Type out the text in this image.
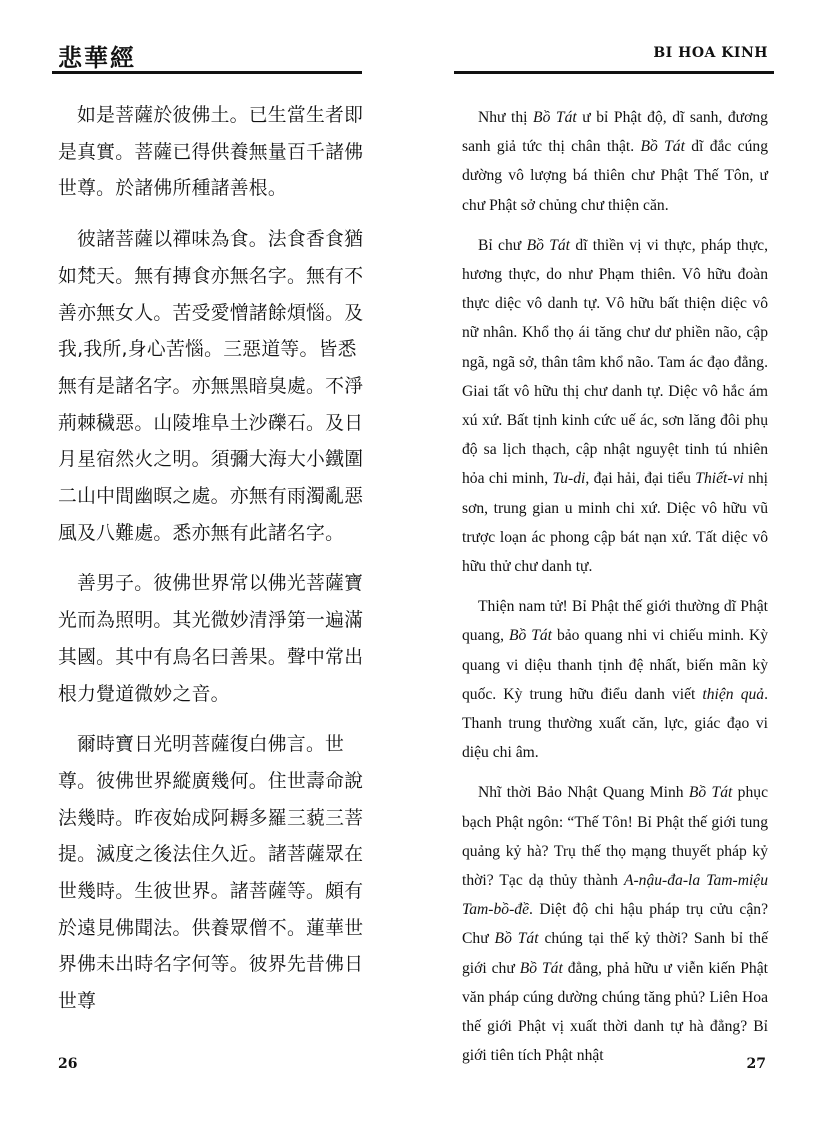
悲華經

如是菩薩於彼佛土。已生當生者即是真實。菩薩已得供養無量百千諸佛世尊。於諸佛所種諸善根。

彼諸菩薩以禪味為食。法食香食猶如梵天。無有摶食亦無名字。無有不善亦無女人。苦受愛憎諸餘煩惱。及我,我所,身心苦惱。三惡道等。皆悉無有是諸名字。亦無黑暗臭處。不淨荊棘穢惡。山陵堆阜土沙礫石。及日月星宿然火之明。須彌大海大小鐵圍二山中間幽暝之處。亦無有雨濁亂惡風及八難處。悉亦無有此諸名字。

善男子。彼佛世界常以佛光菩薩寶光而為照明。其光微妙清淨第一遍滿其國。其中有鳥名曰善果。聲中常出根力覺道微妙之音。

爾時寶日光明菩薩復白佛言。世尊。彼佛世界縱廣幾何。住世壽命說法幾時。昨夜始成阿耨多羅三藐三菩提。滅度之後法住久近。諸菩薩眾在世幾時。生彼世界。諸菩薩等。頗有於遠見佛聞法。供養眾僧不。蓮華世界佛未出時名字何等。彼界先昔佛日世尊

26
BI HOA KINH

Như thị Bồ Tát ư bỉ Phật độ, dĩ sanh, đương sanh giả tức thị chân thật. Bồ Tát dĩ đắc cúng dường vô lượng bá thiên chư Phật Thế Tôn, ư chư Phật sở chủng chư thiện căn.

Bỉ chư Bồ Tát dĩ thiền vị vi thực, pháp thực, hương thực, do như Phạm thiên. Vô hữu đoàn thực diệc vô danh tự. Vô hữu bất thiện diệc vô nữ nhân. Khổ thọ ái tăng chư dư phiền não, cập ngã, ngã sở, thân tâm khổ não. Tam ác đạo đẳng. Giai tất vô hữu thị chư danh tự. Diệc vô hắc ám xú xứ. Bất tịnh kinh cức uế ác, sơn lăng đôi phụ độ sa lịch thạch, cập nhật nguyệt tinh tú nhiên hỏa chi minh, Tu-di, đại hải, đại tiểu Thiết-vi nhị sơn, trung gian u minh chi xứ. Diệc vô hữu vũ trược loạn ác phong cập bát nạn xứ. Tất diệc vô hữu thử chư danh tự.

Thiện nam tử! Bỉ Phật thế giới thường dĩ Phật quang, Bồ Tát bảo quang nhi vi chiếu minh. Kỳ quang vi diệu thanh tịnh đệ nhất, biến mãn kỳ quốc. Kỳ trung hữu điểu danh viết thiện quả. Thanh trung thường xuất căn, lực, giác đạo vi diệu chi âm.

Nhĩ thời Bảo Nhật Quang Minh Bồ Tát phục bạch Phật ngôn: “Thế Tôn! Bỉ Phật thế giới tung quảng kỷ hà? Trụ thế thọ mạng thuyết pháp kỷ thời? Tạc dạ thủy thành A-nậu-đa-la Tam-miệu Tam-bồ-đề. Diệt độ chi hậu pháp trụ cửu cận? Chư Bồ Tát chúng tại thế kỷ thời? Sanh bỉ thế giới chư Bồ Tát đẳng, phả hữu ư viễn kiến Phật văn pháp cúng dường chúng tăng phủ? Liên Hoa thế giới Phật vị xuất thời danh tự hà đẳng? Bỉ giới tiên tích Phật nhật	27
